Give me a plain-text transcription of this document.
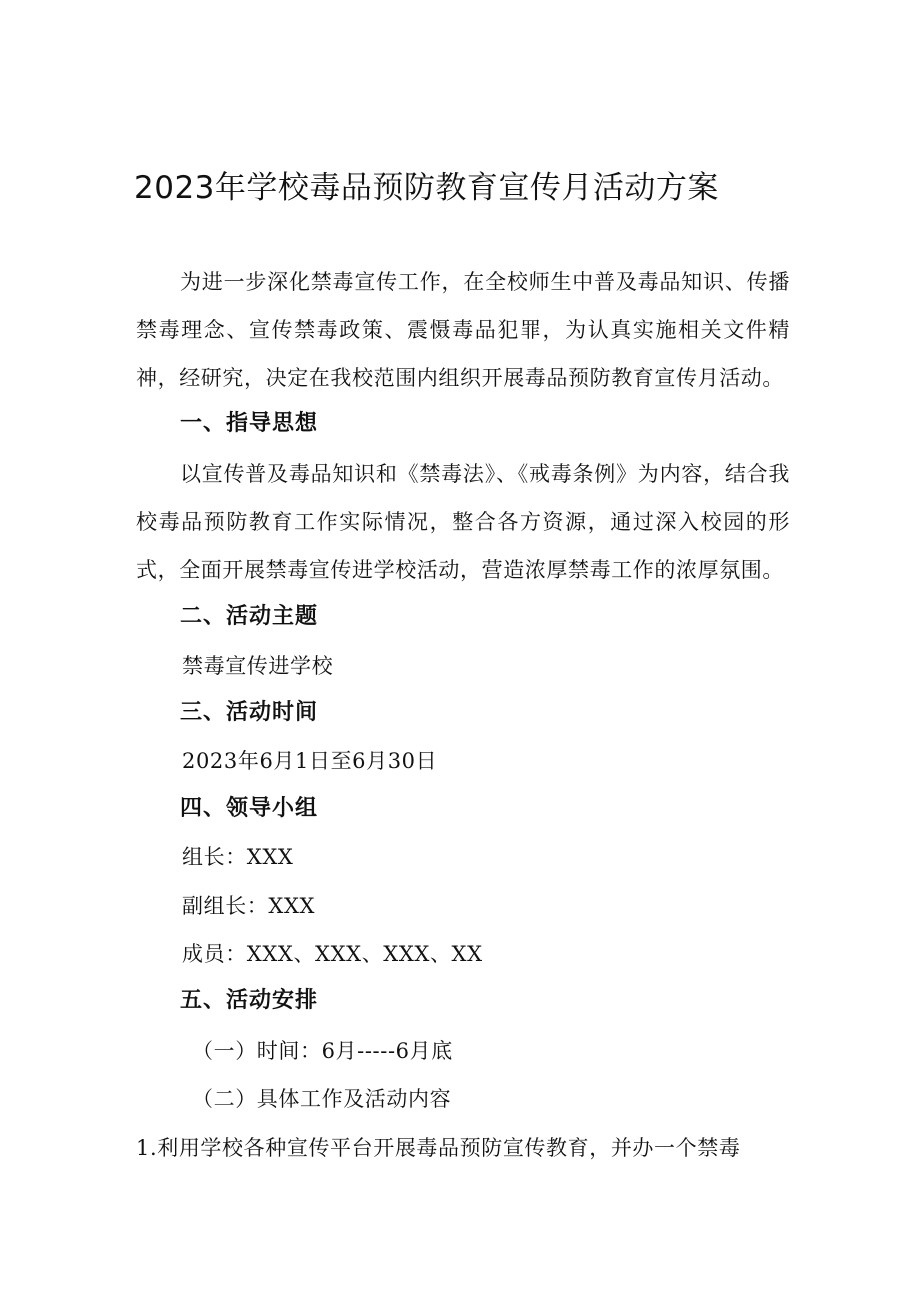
2023年学校毒品预防教育宣传月活动方案

为进一步深化禁毒宣传工作，在全校师生中普及毒品知识、传播禁毒理念、宣传禁毒政策、震慑毒品犯罪，为认真实施相关文件精神，经研究，决定在我校范围内组织开展毒品预防教育宣传月活动。

一、指导思想

以宣传普及毒品知识和《禁毒法》、《戒毒条例》为内容，结合我校毒品预防教育工作实际情况，整合各方资源，通过深入校园的形式，全面开展禁毒宣传进学校活动，营造浓厚禁毒工作的浓厚氛围。

二、活动主题

禁毒宣传进学校

三、活动时间

2023年6月1日至6月30日

四、领导小组

组长：XXX

副组长：XXX

成员：XXX、XXX、XXX、XX

五、活动安排

（一）时间：6月-----6月底

（二）具体工作及活动内容

1.利用学校各种宣传平台开展毒品预防宣传教育，并办一个禁毒
